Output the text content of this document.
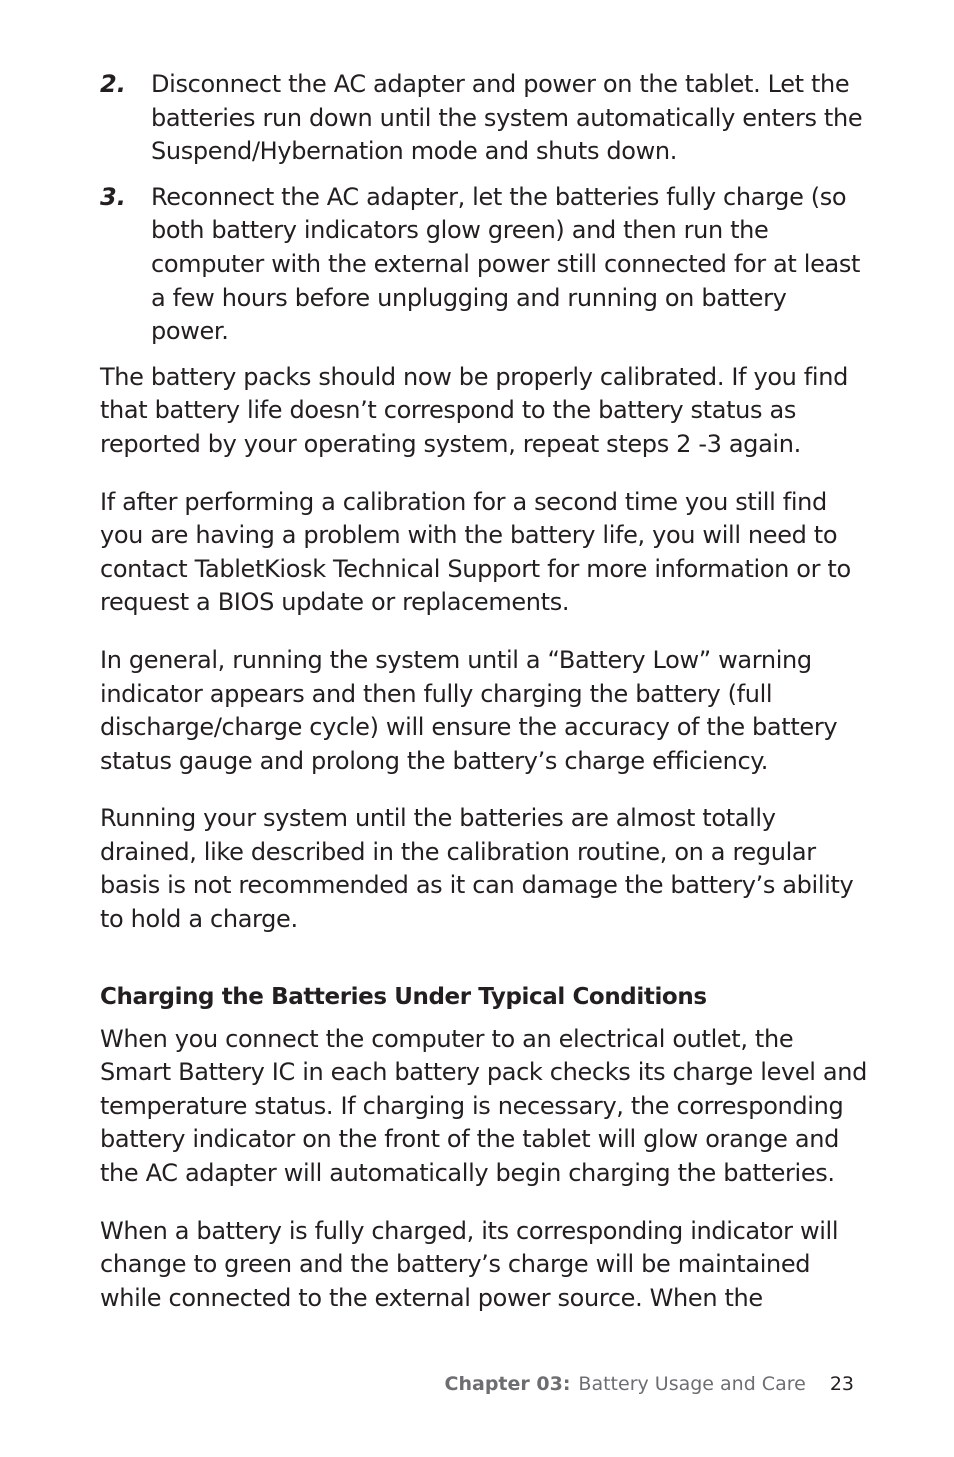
2.	Disconnect the AC adapter and power on the tablet. Let the batteries run down until the system automatically enters the Suspend/Hybernation mode and shuts down.

3.	Reconnect the AC adapter, let the batteries fully charge (so both battery indicators glow green) and then run the computer with the external power still connected for at least a few hours before unplugging and running on battery power.

The battery packs should now be properly calibrated. If you find that battery life doesn’t correspond to the battery status as reported by your operating system, repeat steps 2 -3 again.

If after performing a calibration for a second time you still find you are having a problem with the battery life, you will need to contact TabletKiosk Technical Support for more information or to request a BIOS update or replacements.

In general, running the system until a “Battery Low” warning indicator appears and then fully charging the battery (full discharge/charge cycle) will ensure the accuracy of the battery status gauge and prolong the battery’s charge efficiency.

Running your system until the batteries are almost totally drained, like described in the calibration routine, on a regular basis is not recommended as it can damage the battery’s ability to hold a charge.

Charging the Batteries Under Typical Conditions

When you connect the computer to an electrical outlet, the Smart Battery IC in each battery pack checks its charge level and temperature status. If charging is necessary, the corresponding battery indicator on the front of the tablet will glow orange and the AC adapter will automatically begin charging the batteries.

When a battery is fully charged, its corresponding indicator will change to green and the battery’s charge will be maintained while connected to the external power source. When the

Chapter 03: Battery Usage and Care 23
